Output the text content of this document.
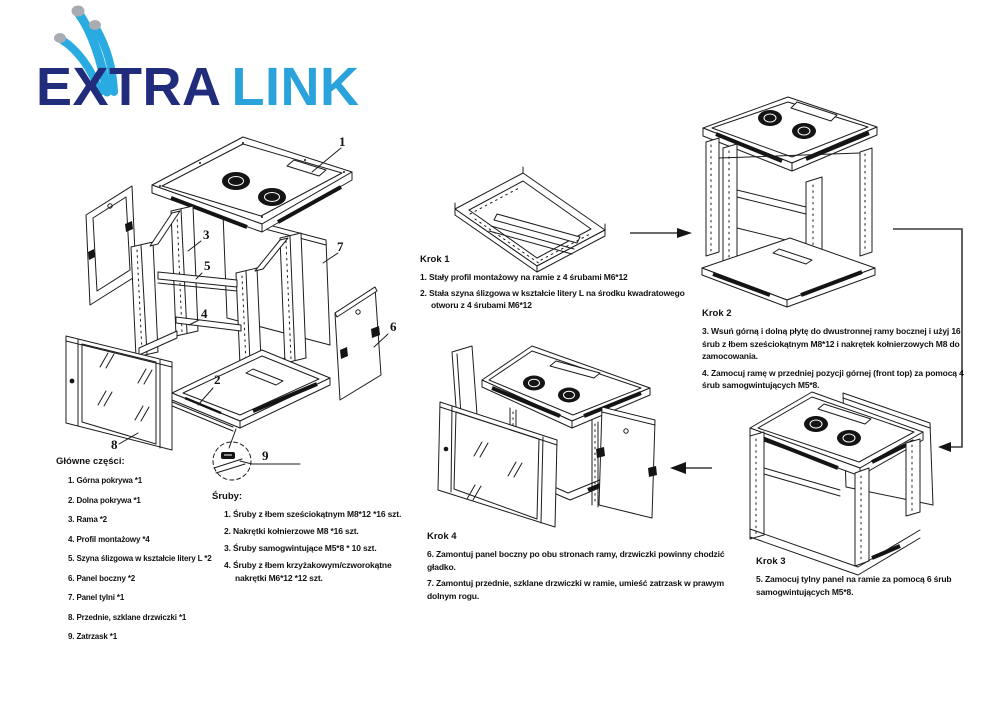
1
2
3
4
5
6
7
8
9
EXTRA LINK
Główne części:

1. Górna pokrywa *1

2. Dolna pokrywa *1

3. Rama *2

4. Profil montażowy *4

5. Szyna ślizgowa w kształcie litery L *2

6. Panel boczny *2

7. Panel tylni *1

8. Przednie, szklane drzwiczki *1

9. Zatrzask *1

Śruby:

1. Śruby z łbem sześciokątnym M8*12 *16 szt.

2. Nakrętki kołnierzowe M8 *16 szt.

3. Śruby samogwintujące M5*8 * 10 szt.

4. Śruby z łbem krzyżakowym/czworokątne nakrętki M6*12 *12 szt.

Krok 1

1. Stały profil montażowy na ramie z 4 śrubami M6*12

2. Stała szyna ślizgowa w kształcie litery L na środku kwadratowego otworu z 4 śrubami M6*12

Krok 2

3. Wsuń górną i dolną płytę do dwustronnej ramy bocznej i użyj 16 śrub z łbem sześciokątnym M8*12 i nakrętek kołnierzowych M8 do zamocowania.

4. Zamocuj ramę w przedniej pozycji górnej (front top) za pomocą 4 śrub samogwintujących M5*8.

Krok 3

5. Zamocuj tylny panel na ramie za pomocą 6 śrub samogwintujących M5*8.

Krok 4

6. Zamontuj panel boczny po obu stronach ramy, drzwiczki powinny chodzić gładko.

7. Zamontuj przednie, szklane drzwiczki w ramie, umieść zatrzask w prawym dolnym rogu.
